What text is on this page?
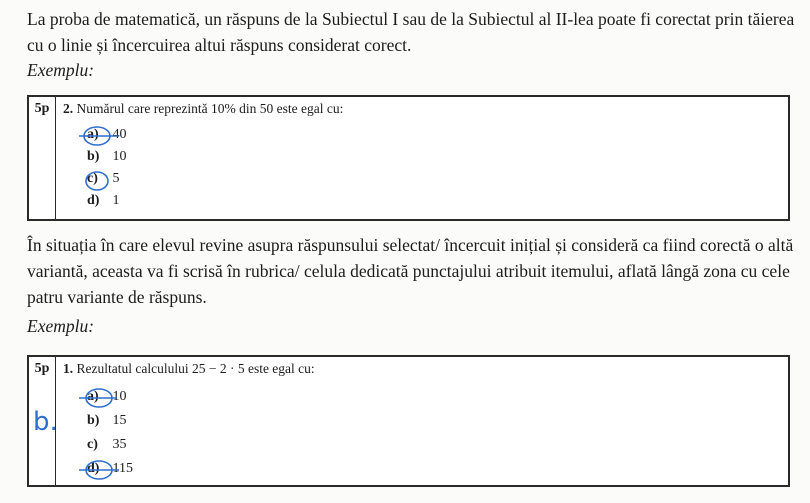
La proba de matematică, un răspuns de la Subiectul I sau de la Subiectul al II-lea poate fi corectat prin tăierea cu o linie și încercuirea altui răspuns considerat corect.

Exemplu:
5p	2. Numărul care reprezintă 10% din 50 este egal cu:
a) 40
b) 10
c) 5
d) 1

În situația în care elevul revine asupra răspunsului selectat/ încercuit inițial și consideră ca fiind corectă o altă variantă, aceasta va fi scrisă în rubrica/ celula dedicată punctajului atribuit itemului, aflată lângă zona cu cele patru variante de răspuns.

Exemplu:
5p
b.
1. Rezultatul calculului 25 − 2 · 5 este egal cu:
a) 10
b) 15
c) 35
d) 115
